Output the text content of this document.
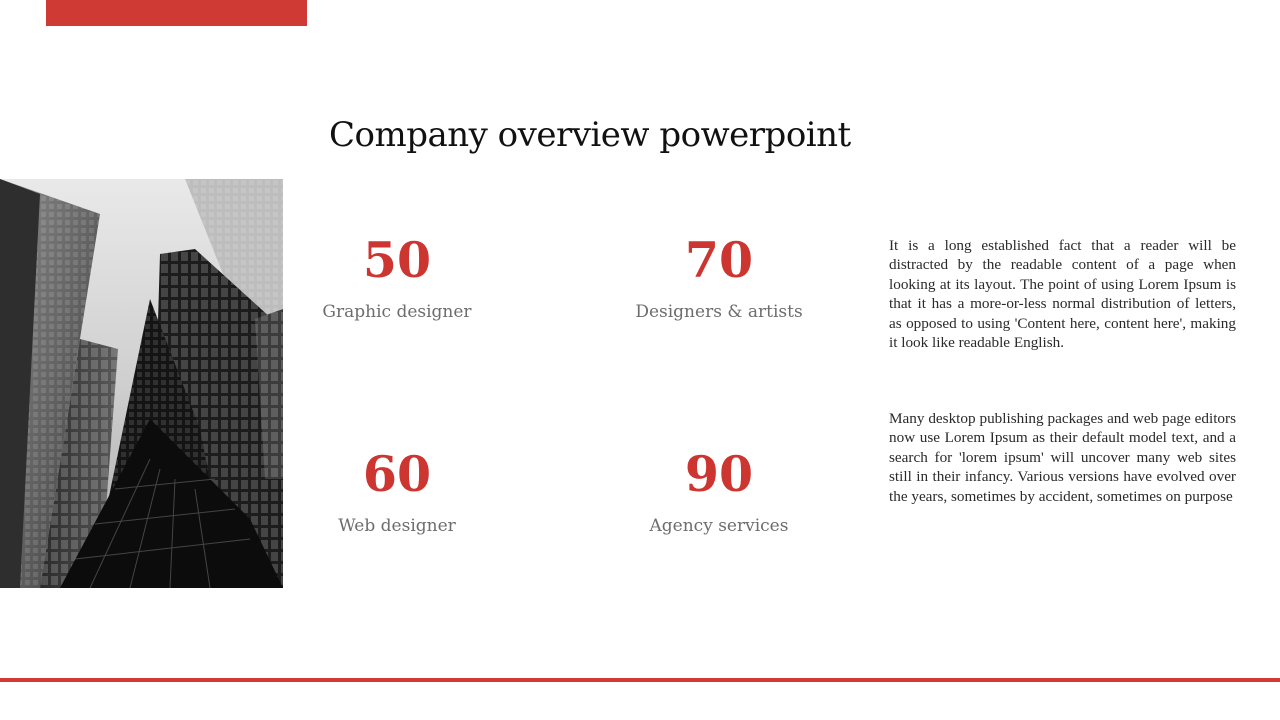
Company overview powerpoint
50
Graphic designer
70
Designers & artists
60
Web designer
90
Agency services
It is a long established fact that a reader will be distracted by the readable content of a page when looking at its layout. The point of using Lorem Ipsum is that it has a more-or-less normal distribution of letters, as opposed to using 'Content here, content here', making it look like readable English.
Many desktop publishing packages and web page editors now use Lorem Ipsum as their default model text, and a search for 'lorem ipsum' will uncover many web sites still in their infancy. Various versions have evolved over the years, sometimes by accident, sometimes on purpose
